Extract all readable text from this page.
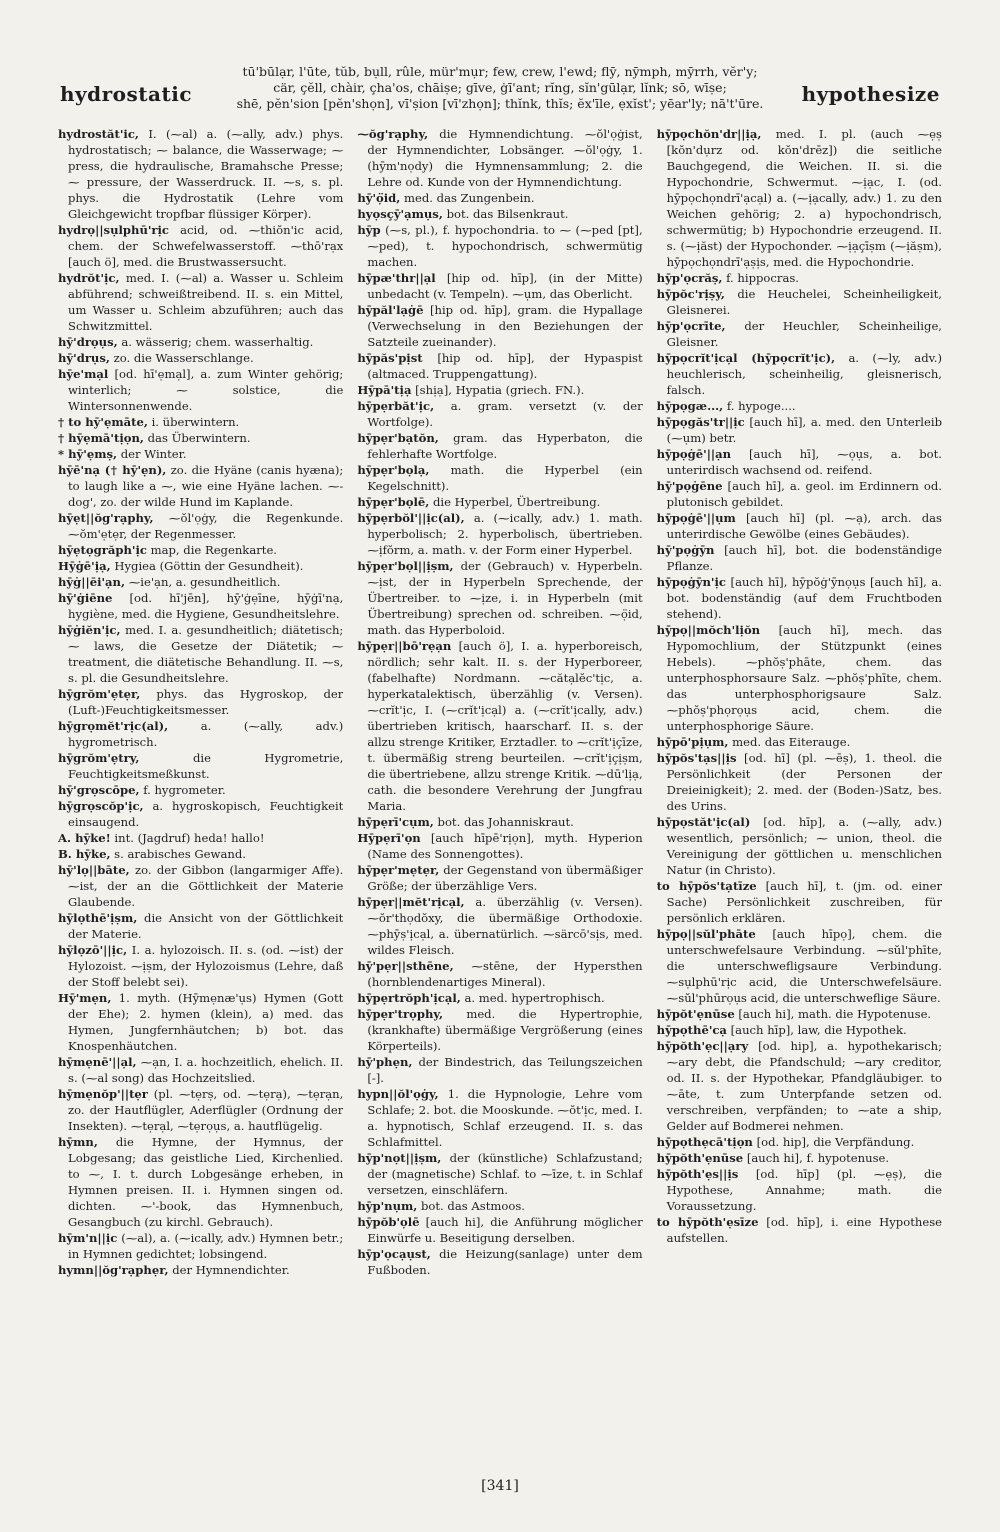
hydrostatic
tū'būlạr, l'ūte, tŭb, bụll, rûle, mür'mụr; few, crew, l'ewd; flȳ, nȳmph, mȳrrh, vĕr'y;
cär, çĕll, chàir, çha'os, chāiṣe; gīve, ġī'ant; rĭng, sĭn'gūlạr, lĭnk; sō, wīṣe;
shē, pĕn'sion [pĕn'shọn], vī'ṣion [vī'zhọn]; thĭnk, thĭs; ĕx'īle, ẹxĭst'; yēar'ly; nā't'ūre.	hypothesize

hydrostăt'ic, I. (⁓al) a. (⁓ally, adv.) phys. hydrostatisch; ⁓ balance, die Wasserwage; ⁓ press, die hydraulische, Bramahsche Presse; ⁓ pressure, der Wasserdruck. II. ⁓s, s. pl. phys. die Hydrostatik (Lehre vom Gleichgewicht tropfbar flüssiger Körper).

hydrọ||sụlphū'rịc acid, od. ⁓thiŏn'ic acid, chem. der Schwefelwasserstoff. ⁓thō'rạx [auch ö], med. die Brustwassersucht.

hydrŏt'ịc, med. I. (⁓al) a. Wasser u. Schleim abführend; schweißtreibend. II. s. ein Mittel, um Wasser u. Schleim abzuführen; auch das Schwitzmittel.

hȳ'drọụs, a. wässerig; chem. wasserhaltig.

hȳ'drụs, zo. die Wasserschlange.

hȳe'mạl [od. hī'ẹmạl], a. zum Winter gehörig; winterlich; ⁓ solstice, die Wintersonnenwende.

† to hȳ'ẹmāte, i. überwintern.

† hȳẹmā'tịọn, das Überwintern.

* hȳ'ẹmṣ, der Winter.

hȳē'nạ († hȳ'ẹn), zo. die Hyäne (canis hyæna); to laugh like a ⁓, wie eine Hyäne lachen. ⁓-dog', zo. der wilde Hund im Kaplande.

hȳẹt||ŏg'rạphy, ⁓ŏl'ọġy, die Regenkunde. ⁓ŏm'ẹtẹr, der Regenmesser.

hȳẹtọgrăph'ịc map, die Regenkarte.

Hȳġē'ịạ, Hygiea (Göttin der Gesundheit).

hȳġ||ēi'ạn, ⁓ie'ạn, a. gesundheitlich.

hȳ'ġiēne [od. hī'jēn], hȳ'ġẹīne, hȳġī'nạ, hygiène, med. die Hygiene, Gesundheitslehre.

hȳġiĕn'ịc, med. I. a. gesundheitlich; diätetisch; ⁓ laws, die Gesetze der Diätetik; ⁓ treatment, die diätetische Behandlung. II. ⁓s, s. pl. die Gesundheitslehre.

hȳgrŏm'ẹtẹr, phys. das Hygroskop, der (Luft-)Feuchtigkeitsmesser.

hȳgrọmĕt'rịc(al),	a. (⁓ally, adv.) hygrometrisch.

hȳgrŏm'ẹtry,	die Hygrometrie, Feuchtigkeitsmeßkunst.

hȳ'grọscōpe, f. hygrometer.

hȳgrọscŏp'ịc, a. hygroskopisch, Feuchtigkeit einsaugend.

A. hȳke! int. (Jagdruf) heda! hallo!

B. hȳke, s. arabisches Gewand.

hȳ'lọ||bāte, zo. der Gibbon (langarmiger Affe). ⁓ist, der an die Göttlichkeit der Materie Glaubende.

hȳlọthē'ịṣm, die Ansicht von der Göttlichkeit der Materie.

hȳlọzō'||ịc, I. a. hylozoisch. II. s. (od. ⁓ist) der Hylozoist. ⁓ịṣm, der Hylozoismus (Lehre, daß der Stoff belebt sei).

Hȳ'mẹn, 1. myth. (Hȳmẹnæ'ụs) Hymen (Gott der Ehe); 2. hymen (klein), a) med. das Hymen, Jungfernhäutchen; b) bot. das Knospenhäutchen.

hȳmẹnē'||ạl, ⁓ạn, I. a. hochzeitlich, ehelich. II. s. (⁓al song) das Hochzeitslied.

hȳmẹnŏp'||tẹr (pl. ⁓tẹrṣ, od. ⁓tẹrạ), ⁓tẹrạn, zo. der Hautflügler, Aderflügler (Ordnung der Insekten). ⁓tẹrạl, ⁓tẹrọụs, a. hautflügelig.

hȳmn, die Hymne, der Hymnus, der Lobgesang; das geistliche Lied, Kirchenlied. to ⁓, I. t. durch Lobgesänge erheben, in Hymnen preisen. II. i. Hymnen singen od. dichten. ⁓'-book, das Hymnenbuch, Gesangbuch (zu kirchl. Gebrauch).

hȳm'n||ịc (⁓al), a. (⁓ically, adv.) Hymnen betr.; in Hymnen gedichtet; lobsingend.

hymn||ŏg'rạphẹr, der Hymnendichter.

⁓ŏg'rạphy, die Hymnendichtung. ⁓ŏl'ọġist, der Hymnendichter, Lobsänger. ⁓ŏl'ọġy, 1. (hȳm'nọdy) die Hymnensammlung; 2. die Lehre od. Kunde von der Hymnendichtung.

hȳ'ọ̈id, med. das Zungenbein.

hyọsçȳ'ạmụs, bot. das Bilsenkraut.

hȳp (⁓s, pl.), f. hypochondria. to ⁓ (⁓ped [pt], ⁓ped), t. hypochondrisch, schwermütig machen.

hȳpæ'thr||ạl [hip od. hīp], (in der Mitte) unbedacht (v. Tempeln). ⁓ụm, das Oberlicht.

hȳpăl'lạġē [hip od. hīp], gram. die Hypallage (Verwechselung in den Beziehungen der Satzteile zueinander).

hȳpăs'pịst [hip od. hīp], der Hypaspist (altmaced. Truppengattung).

Hȳpā'tịạ [shịạ], Hypatia (griech. FN.).

hȳpẹrbăt'ịc, a. gram. versetzt (v. der Wortfolge).

hȳpẹr'bạtŏn, gram. das Hyperbaton, die fehlerhafte Wortfolge.

hȳpẹr'bọlạ, math. die Hyperbel (ein Kegelschnitt).

hȳpẹr'bọlē, die Hyperbel, Übertreibung.

hȳpẹrbŏl'||ịc(al), a. (⁓ically, adv.) 1. math. hyperbolisch; 2. hyperbolisch, übertrieben. ⁓ịfŏrm, a. math. v. der Form einer Hyperbel.

hȳpẹr'bọl||ịṣm, der (Gebrauch) v. Hyperbeln. ⁓ịst, der in Hyperbeln Sprechende, der Übertreiber. to ⁓ịze, i. in Hyperbeln (mit Übertreibung) sprechen od. schreiben. ⁓ọ̈id, math. das Hyperboloid.

hȳpẹr||bō'rẹạn [auch ö], I. a. hyperboreisch, nördlich; sehr kalt. II. s. der Hyperboreer, (fabelhafte) Nordmann. ⁓cătạlĕc'tịc, a. hyperkatalektisch, überzählig (v. Versen). ⁓crĭt'ịc, I. (⁓crĭt'ịcạl) a. (⁓crĭt'ịcally, adv.) übertrieben kritisch, haarscharf. II. s. der allzu strenge Kritiker, Erztadler. to ⁓crĭt'ịçīze, t. übermäßig streng beurteilen. ⁓crĭt'ịçịṣm, die übertriebene, allzu strenge Kritik. ⁓dū'lịạ, cath. die besondere Verehrung der Jungfrau Maria.

hȳpẹrī'cụm, bot. das Johanniskraut.

Hȳpẹrī'ọn [auch hīpē'rịọn], myth. Hyperion (Name des Sonnengottes).

hȳpẹr'mẹtẹr, der Gegenstand von übermäßiger Größe; der überzählige Vers.

hȳpẹr||mĕt'rịcạl, a. überzählig (v. Versen). ⁓ŏr'thọdŏxy, die übermäßige Orthodoxie. ⁓phȳṣ'ịcạl, a. übernatürlich. ⁓särcō'sịs, med. wildes Fleisch.

hȳ'pẹr||sthēne, ⁓stēne, der Hypersthen (hornblendenartiges Mineral).

hȳpẹrtrŏph'ịcạl, a. med. hypertrophisch.

hȳpẹr'trọphy, med. die Hypertrophie, (krankhafte) übermäßige Vergrößerung (eines Körperteils).

hȳ'phẹn, der Bindestrich, das Teilungszeichen [-].

hypn||ŏl'ọġy, 1. die Hypnologie, Lehre vom Schlafe; 2. bot. die Mooskunde. ⁓ŏt'ịc, med. I. a. hypnotisch, Schlaf erzeugend. II. s. das Schlafmittel.

hȳp'nọt||ịṣm, der (künstliche) Schlafzustand; der (magnetische) Schlaf. to ⁓īze, t. in Schlaf versetzen, einschläfern.

hȳp'nụm, bot. das Astmoos.

hȳpŏb'ọlē [auch hi], die Anführung möglicher Einwürfe u. Beseitigung derselben.

hȳp'ọcạụst, die Heizung(sanlage) unter dem Fußboden.

hȳpọchŏn'dr||ịạ, med. I. pl. (auch ⁓ẹṣ [kŏn'dụrz od. kŏn'drēz]) die seitliche Bauchgegend, die Weichen. II. si. die Hypochondrie, Schwermut. ⁓ịạc, I. (od. hȳpọchọndrī'ạcạl) a. (⁓ịạcally, adv.) 1. zu den Weichen gehörig; 2. a) hypochondrisch, schwermütig; b) Hypochondrie erzeugend. II. s. (⁓ịăst) der Hypochonder. ⁓ịạçīṣm (⁓ịăṣm), hȳpọchọndrī'ạṣịs, med. die Hypochondrie.

hȳp'ọcrăṣ, f. hippocras.

hȳpŏc'rịṣy, die Heuchelei, Scheinheiligkeit, Gleisnerei.

hȳp'ọcrīte, der Heuchler, Scheinheilige, Gleisner.

hȳpọcrĭt'ịcạl (hȳpọcrĭt'ịc), a. (⁓ly, adv.) heuchlerisch, scheinheilig, gleisnerisch, falsch.

hȳpọgæ..., f. hypoge....

hȳpọgăs'tr||ịc [auch hī], a. med. den Unterleib (⁓ụm) betr.

hȳpọġē'||ạn [auch hī], ⁓ọụs, a. bot. unterirdisch wachsend od. reifend.

hȳ'pọġēne [auch hī], a. geol. im Erdinnern od. plutonisch gebildet.

hȳpọġē'||ụm [auch hī] (pl. ⁓ạ), arch. das unterirdische Gewölbe (eines Gebäudes).

hȳ'pọġȳn [auch hī], bot. die bodenständige Pflanze.

hȳpọġȳn'ịc [auch hī], hȳpŏġ'ȳnọụs [auch hī], a. bot. bodenständig (auf dem Fruchtboden stehend).

hȳpọ||mŏch'lịŏn [auch hī], mech. das Hypomochlium, der Stützpunkt (eines Hebels). ⁓phŏṣ'phāte, chem. das unterphosphorsaure Salz. ⁓phŏṣ'phīte, chem. das unterphosphorigsaure Salz. ⁓phŏṣ'phọrọụs acid, chem. die unterphosphorige Säure.

hȳpō'pịụm, med. das Eiterauge.

hȳpŏs'tạs||ịs [od. hī] (pl. ⁓ēṣ), 1. theol. die Persönlichkeit (der Personen der Dreieinigkeit); 2. med. der (Boden-)Satz, bes. des Urins.

hȳpọstăt'ịc(al) [od. hīp], a. (⁓ally, adv.) wesentlich, persönlich; ⁓ union, theol. die Vereinigung der göttlichen u. menschlichen Natur (in Christo).

to hȳpŏs'tạtīze [auch hī], t. (jm. od. einer Sache) Persönlichkeit zuschreiben, für persönlich erklären.

hȳpọ||sŭl'phāte [auch hīpọ], chem. die unterschwefelsaure Verbindung. ⁓sŭl'phīte, die unterschwefligsaure Verbindung. ⁓sụlphū'rịc acid, die Unterschwefelsäure. ⁓sŭl'phūrọụs acid, die unterschweflige Säure.

hȳpŏt'ẹnūse [auch hi], math. die Hypotenuse.

hȳpọthē'cạ [auch hīp], law, die Hypothek.

hȳpŏth'ẹc||ạry [od. hip], a. hypothekarisch; ⁓ary debt, die Pfandschuld; ⁓ary creditor, od. II. s. der Hypothekar, Pfandgläubiger. to ⁓āte, t. zum Unterpfande setzen od. verschreiben, verpfänden; to ⁓ate a ship, Gelder auf Bodmerei nehmen.

hȳpọthẹcā'tịọn [od. hip], die Verpfändung.

hȳpŏth'ẹnūse [auch hi], f. hypotenuse.

hȳpŏth'ẹs||ịs [od. hīp] (pl. ⁓ẹṣ), die Hypothese, Annahme; math. die Voraussetzung.

to hȳpŏth'ẹsīze [od. hīp], i. eine Hypothese aufstellen.

[341]
